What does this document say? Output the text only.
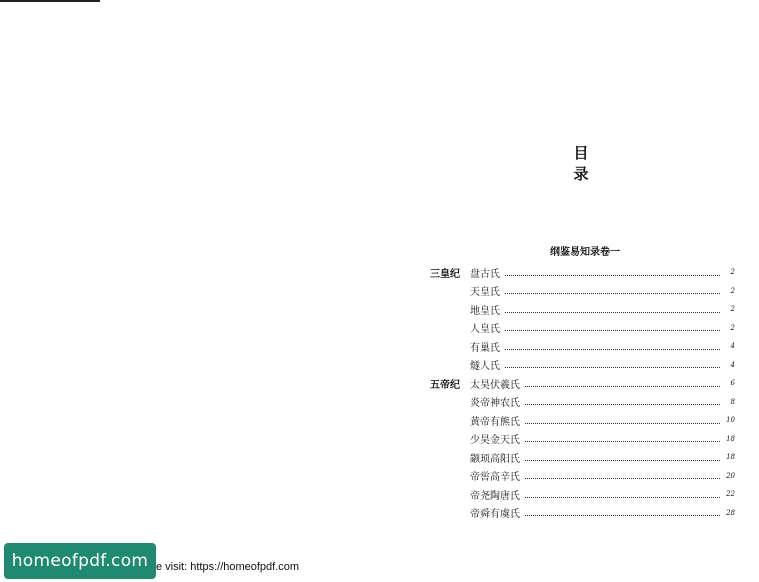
目 录
纲鉴易知录卷一
三皇纪	盘古氏	2
天皇氏	2
地皇氏	2
人皇氏	2
有巢氏	4
燧人氏	4
五帝纪	太昊伏羲氏	6
炎帝神农氏	8
黄帝有熊氏	10
少昊金天氏	18
颛顼高阳氏	18
帝喾高辛氏	20
帝尧陶唐氏	22
帝舜有虞氏	28
homeofpdf.com e visit: https://homeofpdf.com
